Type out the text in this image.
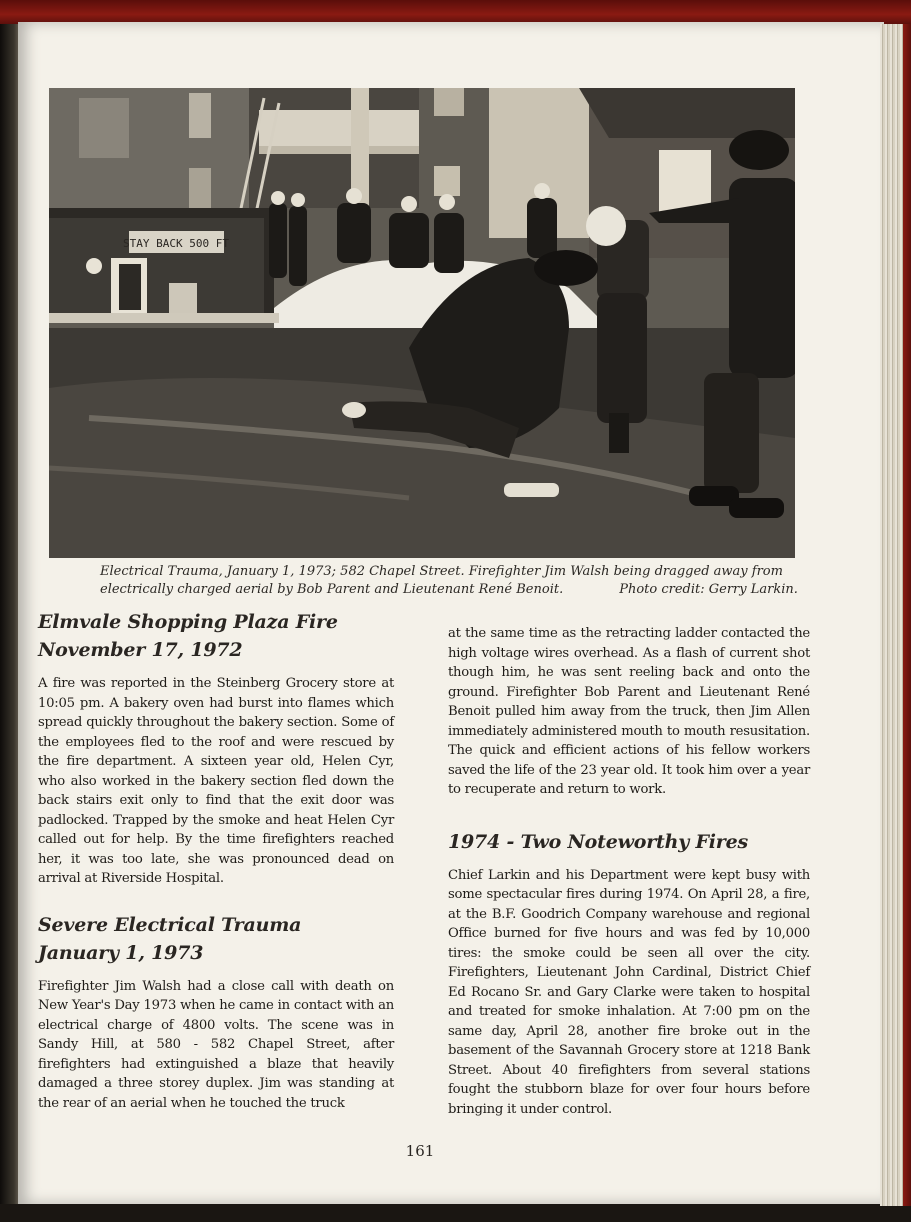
STAY BACK 500 FT
Electrical Trauma, January 1, 1973; 582 Chapel Street. Firefighter Jim Walsh being dragged away from
electrically charged aerial by Bob Parent and Lieutenant René Benoit.	Photo credit: Gerry Larkin.
Elmvale Shopping Plaza Fire
November 17, 1972

A fire was reported in the Steinberg Grocery store at 10:05 pm. A bakery oven had burst into flames which spread quickly throughout the bakery section. Some of the employees fled to the roof and were rescued by the fire department. A sixteen year old, Helen Cyr, who also worked in the bakery section fled down the back stairs exit only to find that the exit door was padlocked. Trapped by the smoke and heat Helen Cyr called out for help. By the time firefighters reached her, it was too late, she was pronounced dead on arrival at Riverside Hospital.

Severe Electrical Trauma
January 1, 1973

Firefighter Jim Walsh had a close call with death on New Year's Day 1973 when he came in contact with an electrical charge of 4800 volts. The scene was in Sandy Hill, at 580 - 582 Chapel Street, after firefighters had extinguished a blaze that heavily damaged a three storey duplex. Jim was standing at the rear of an aerial when he touched the truck

at the same time as the retracting ladder contacted the high voltage wires overhead. As a flash of current shot though him, he was sent reeling back and onto the ground. Firefighter Bob Parent and Lieutenant René Benoit pulled him away from the truck, then Jim Allen immediately administered mouth to mouth resusitation. The quick and efficient actions of his fellow workers saved the life of the 23 year old. It took him over a year to recuperate and return to work.

1974 - Two Noteworthy Fires

Chief Larkin and his Department were kept busy with some spectacular fires during 1974. On April 28, a fire, at the B.F. Goodrich Company warehouse and regional Office burned for five hours and was fed by 10,000 tires: the smoke could be seen all over the city. Firefighters, Lieutenant John Cardinal, District Chief Ed Rocano Sr. and Gary Clarke were taken to hospital and treated for smoke inhalation. At 7:00 pm on the same day, April 28, another fire broke out in the basement of the Savannah Grocery store at 1218 Bank Street. About 40 firefighters from several stations fought the stubborn blaze for over four hours before bringing it under control.

161
